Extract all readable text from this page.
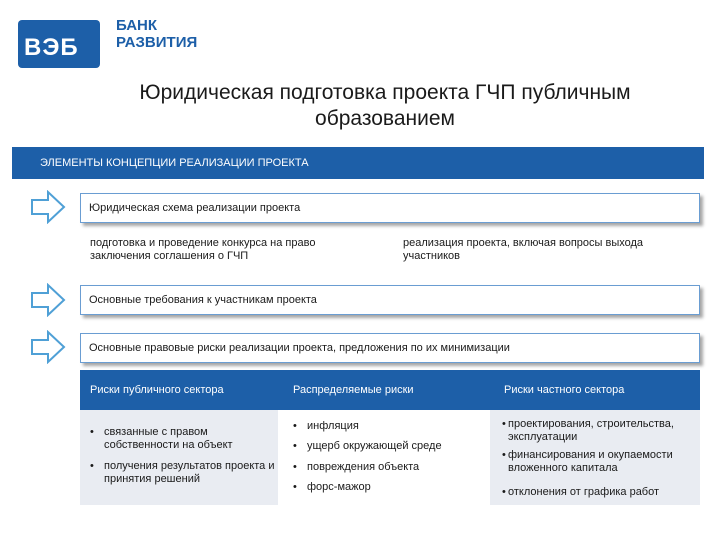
ВЭБ
БАНК
РАЗВИТИЯ
Юридическая подготовка проекта ГЧП публичным образованием
ЭЛЕМЕНТЫ КОНЦЕПЦИИ РЕАЛИЗАЦИИ ПРОЕКТА
Юридическая схема реализации проекта
подготовка и проведение конкурса на право заключения соглашения о ГЧП
реализация проекта, включая вопросы выхода участников
Основные требования к участникам проекта
Основные правовые риски реализации проекта, предложения по их минимизации
Риски публичного сектора	Распределяемые риски	Риски частного сектора
• связанные с правом собственности на объект
• получения результатов проекта и принятия решений
• инфляция
• ущерб окружающей среде
• повреждения объекта
• форс-мажор
• проектирования, строительства, эксплуатации
• финансирования и окупаемости вложенного капитала
• отклонения от графика работ
